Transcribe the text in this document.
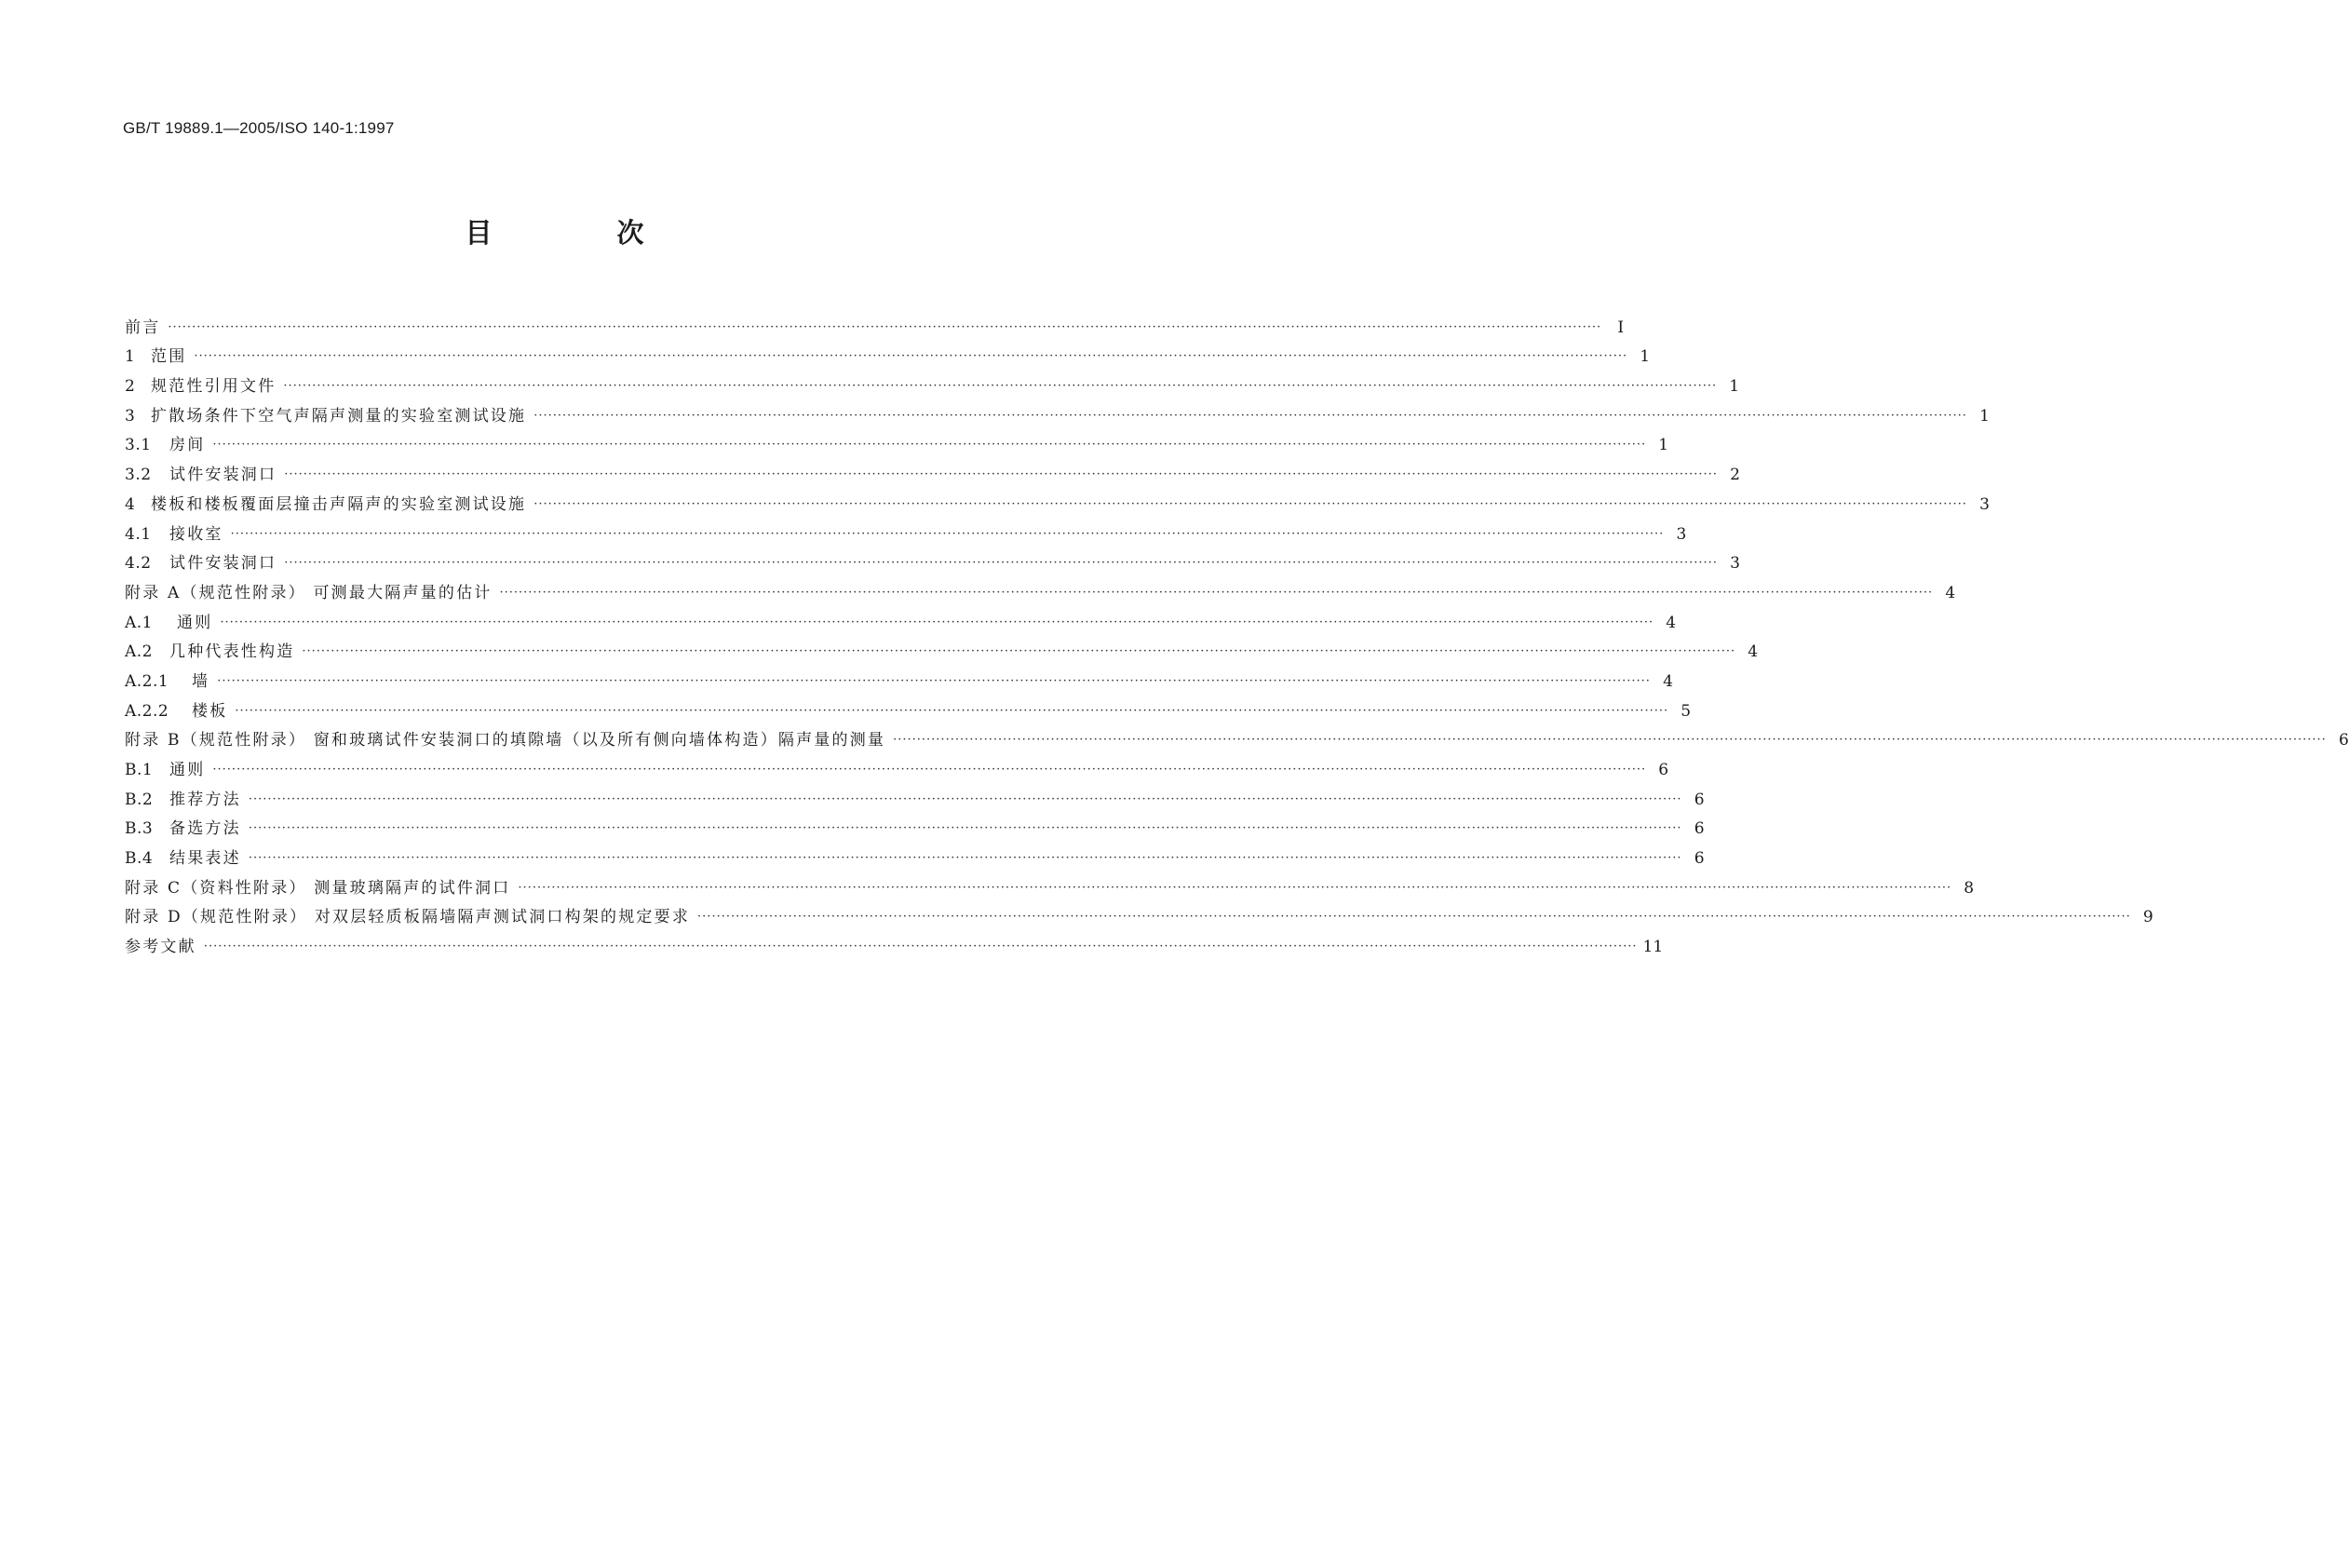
GB/T 19889.1—2005/ISO 140-1:1997
目 次
前言 ············································································································································································································································································································	Ⅰ
1 范围 ············································································································································································································································································································ 1
2 规范性引用文件 ············································································································································································································································································································ 1
3 扩散场条件下空气声隔声测量的实验室测试设施 ············································································································································································································································································································ 1
3.1	房间 ············································································································································································································································································································ 1
3.2	试件安装洞口 ············································································································································································································································································································ 2
4 楼板和楼板覆面层撞击声隔声的实验室测试设施 ············································································································································································································································································································ 3
4.1	接收室 ············································································································································································································································································································ 3
4.2	试件安装洞口 ············································································································································································································································································································ 3
附录 A（规范性附录） 可测最大隔声量的估计 ············································································································································································································································································································ 4
A.1	通则 ············································································································································································································································································································ 4
A.2	几种代表性构造 ············································································································································································································································································································ 4
A.2.1	墙 ············································································································································································································································································································ 4
A.2.2	楼板 ············································································································································································································································································································ 5
附录 B（规范性附录） 窗和玻璃试件安装洞口的填隙墙（以及所有侧向墙体构造）隔声量的测量 ············································································································································································································································································································ 6
B.1	通则 ············································································································································································································································································································ 6
B.2	推荐方法 ············································································································································································································································································································ 6
B.3	备选方法 ············································································································································································································································································································ 6
B.4	结果表述 ············································································································································································································································································································ 6
附录 C（资料性附录） 测量玻璃隔声的试件洞口 ············································································································································································································································································································ 8
附录 D（规范性附录） 对双层轻质板隔墙隔声测试洞口构架的规定要求 ············································································································································································································································································································ 9
参考文献 ············································································································································································································································································································ 11
